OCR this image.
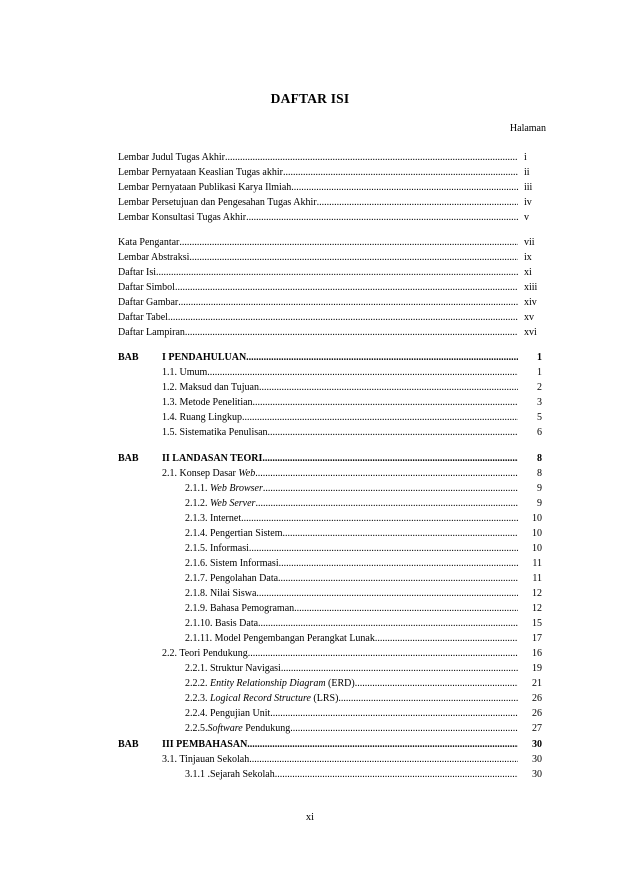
DAFTAR ISI
Halaman
Lembar Judul Tugas Akhir .....	i
Lembar Pernyataan Keaslian Tugas akhir .....	ii
Lembar Pernyataan Publikasi Karya Ilmiah .....	iii
Lembar Persetujuan dan Pengesahan Tugas Akhir .....	iv
Lembar Konsultasi Tugas Akhir .....	v
Kata Pengantar .....	vii
Lembar Abstraksi .....	ix
Daftar Isi .....	xi
Daftar Simbol .....	xiii
Daftar Gambar .....	xiv
Daftar Tabel .....	xv
Daftar Lampiran .....	xvi
BAB I PENDAHULUAN .....	1
1.1. Umum .....	1
1.2. Maksud dan Tujuan .....	2
1.3. Metode Penelitian .....	3
1.4. Ruang Lingkup .....	5
1.5. Sistematika Penulisan .....	6
BAB II LANDASAN TEORI .....	8
2.1. Konsep Dasar Web .....	8
2.1.1. Web Browser .....	9
2.1.2. Web Server .....	9
2.1.3. Internet .....	10
2.1.4. Pengertian Sistem .....	10
2.1.5. Informasi .....	10
2.1.6. Sistem Informasi .....	11
2.1.7. Pengolahan Data .....	11
2.1.8. Nilai Siswa .....	12
2.1.9. Bahasa Pemograman .....	12
2.1.10. Basis Data .....	15
2.1.11. Model Pengembangan Perangkat Lunak .....	17
2.2. Teori Pendukung .....	16
2.2.1. Struktur Navigasi .....	19
2.2.2. Entity Relationship Diagram (ERD) .....	21
2.2.3. Logical Record Structure (LRS) .....	26
2.2.4. Pengujian Unit .....	26
2.2.5.Software Pendukung .....	27
BAB III PEMBAHASAN .....	30
3.1. Tinjauan Sekolah .....	30
3.1.1 .Sejarah Sekolah .....	30
xi
